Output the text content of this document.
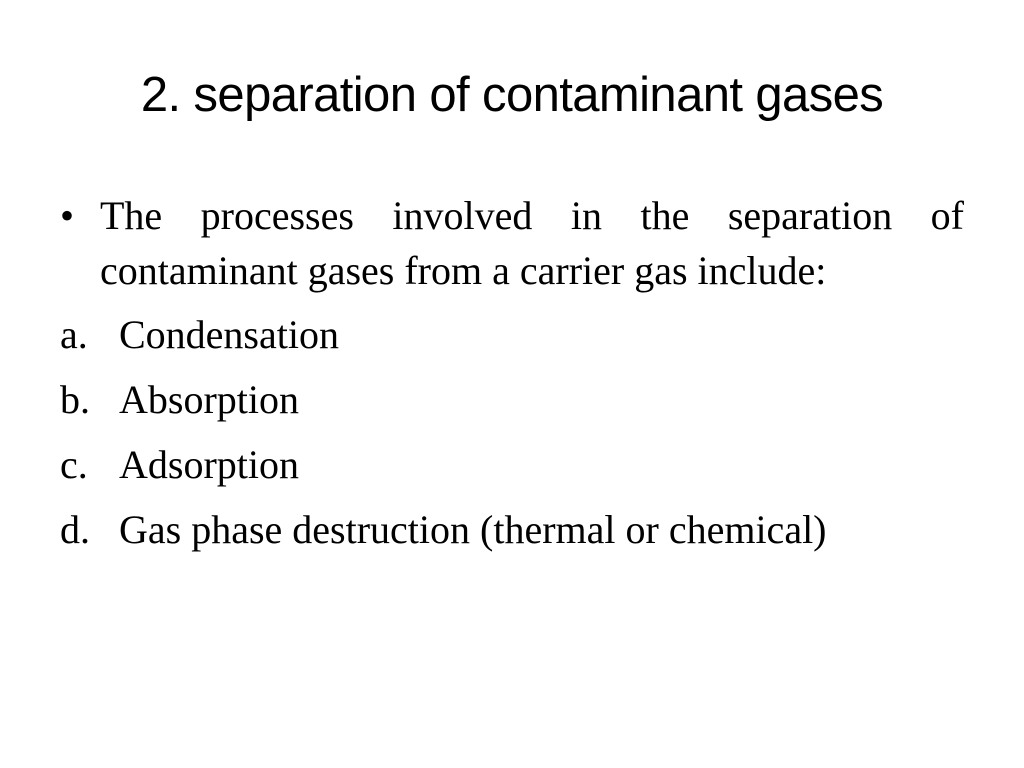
2. separation of contaminant gases
• The processes involved in the separation of contaminant gases from a carrier gas include:
a. Condensation
b. Absorption
c. Adsorption
d. Gas phase destruction (thermal or chemical)
